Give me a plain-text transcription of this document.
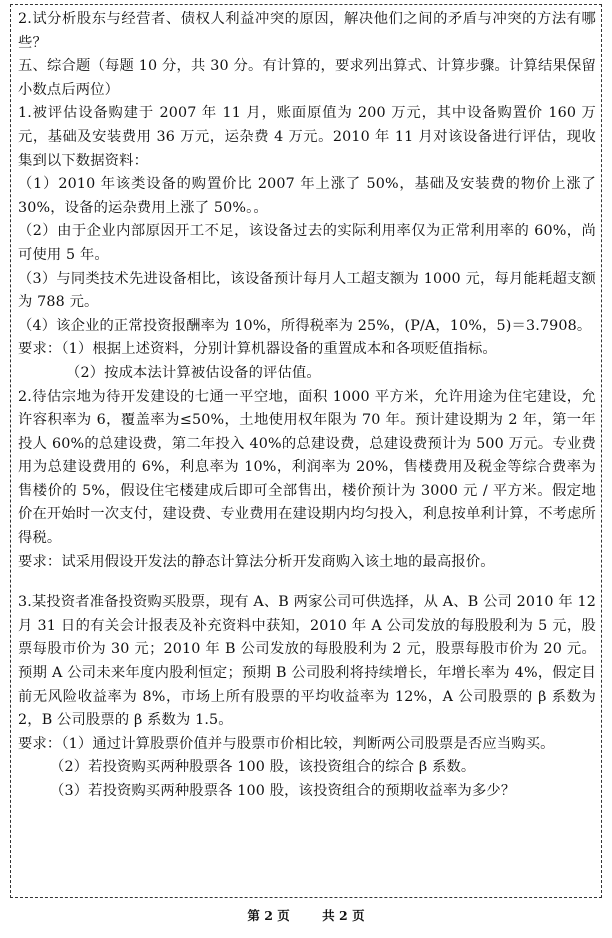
2.试分析股东与经营者、债权人利益冲突的原因，解决他们之间的矛盾与冲突的方法有哪些？

五、综合题（每题 10 分，共 30 分。有计算的，要求列出算式、计算步骤。计算结果保留小数点后两位）

1.被评估设备购建于 2007 年 11 月，账面原值为 200 万元，其中设备购置价 160 万元，基础及安装费用 36 万元，运杂费 4 万元。2010 年 11 月对该设备进行评估，现收集到以下数据资料：

（1）2010 年该类设备的购置价比 2007 年上涨了 50%，基础及安装费的物价上涨了 30%，设备的运杂费用上涨了 50%。。

（2）由于企业内部原因开工不足，该设备过去的实际利用率仅为正常利用率的 60%，尚可使用 5 年。

（3）与同类技术先进设备相比，该设备预计每月人工超支额为 1000 元，每月能耗超支额为 788 元。

（4）该企业的正常投资报酬率为 10%，所得税率为 25%，(P/A，10%，5)＝3.7908。

要求：（1）根据上述资料，分别计算机器设备的重置成本和各项贬值指标。

（2）按成本法计算被估设备的评估值。

2.待估宗地为待开发建设的七通一平空地，面积 1000 平方米，允许用途为住宅建设，允许容积率为 6，覆盖率为≤50%，土地使用权年限为 70 年。预计建设期为 2 年，第一年投人 60%的总建设费，第二年投入 40%的总建设费，总建设费预计为 500 万元。专业费用为总建设费用的 6%，利息率为 10%，利润率为 20%，售楼费用及税金等综合费率为售楼价的 5%，假设住宅楼建成后即可全部售出，楼价预计为 3000 元 / 平方米。假定地价在开始时一次支付，建设费、专业费用在建设期内均匀投入，利息按单利计算，不考虑所得税。

要求：试采用假设开发法的静态计算法分析开发商购入该土地的最高报价。

3.某投资者准备投资购买股票，现有 A、B 两家公司可供选择，从 A、B 公司 2010 年 12 月 31 日的有关会计报表及补充资料中获知，2010 年 A 公司发放的每股股利为 5 元，股票每股市价为 30 元；2010 年 B 公司发放的每股股利为 2 元，股票每股市价为 20 元。预期 A 公司未来年度内股利恒定；预期 B 公司股利将持续增长，年增长率为 4%，假定目前无风险收益率为 8%，市场上所有股票的平均收益率为 12%，A 公司股票的 β 系数为 2，B 公司股票的 β 系数为 1.5。

要求：（1）通过计算股票价值并与股票市价相比较，判断两公司股票是否应当购买。

（2）若投资购买两种股票各 100 股，该投资组合的综合 β 系数。

（3）若投资购买两种股票各 100 股，该投资组合的预期收益率为多少？

第 2 页	共 2 页
